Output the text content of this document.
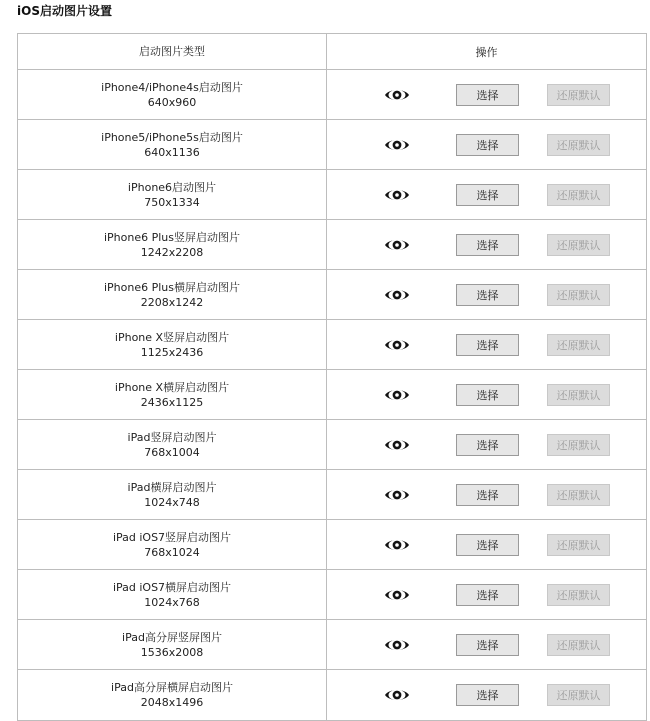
iOS启动图片设置
启动图片类型	操作
iPhone4/iPhone4s启动图片
640x960
选择	还原默认
iPhone5/iPhone5s启动图片
640x1136
选择	还原默认
iPhone6启动图片
750x1334
选择	还原默认
iPhone6 Plus竖屏启动图片
1242x2208
选择	还原默认
iPhone6 Plus横屏启动图片
2208x1242
选择	还原默认
iPhone X竖屏启动图片
1125x2436
选择	还原默认
iPhone X横屏启动图片
2436x1125
选择	还原默认
iPad竖屏启动图片
768x1004
选择	还原默认
iPad横屏启动图片
1024x748
选择	还原默认
iPad iOS7竖屏启动图片
768x1024
选择	还原默认
iPad iOS7横屏启动图片
1024x768
选择	还原默认
iPad高分屏竖屏图片
1536x2008
选择	还原默认
iPad高分屏横屏启动图片
2048x1496
选择	还原默认
